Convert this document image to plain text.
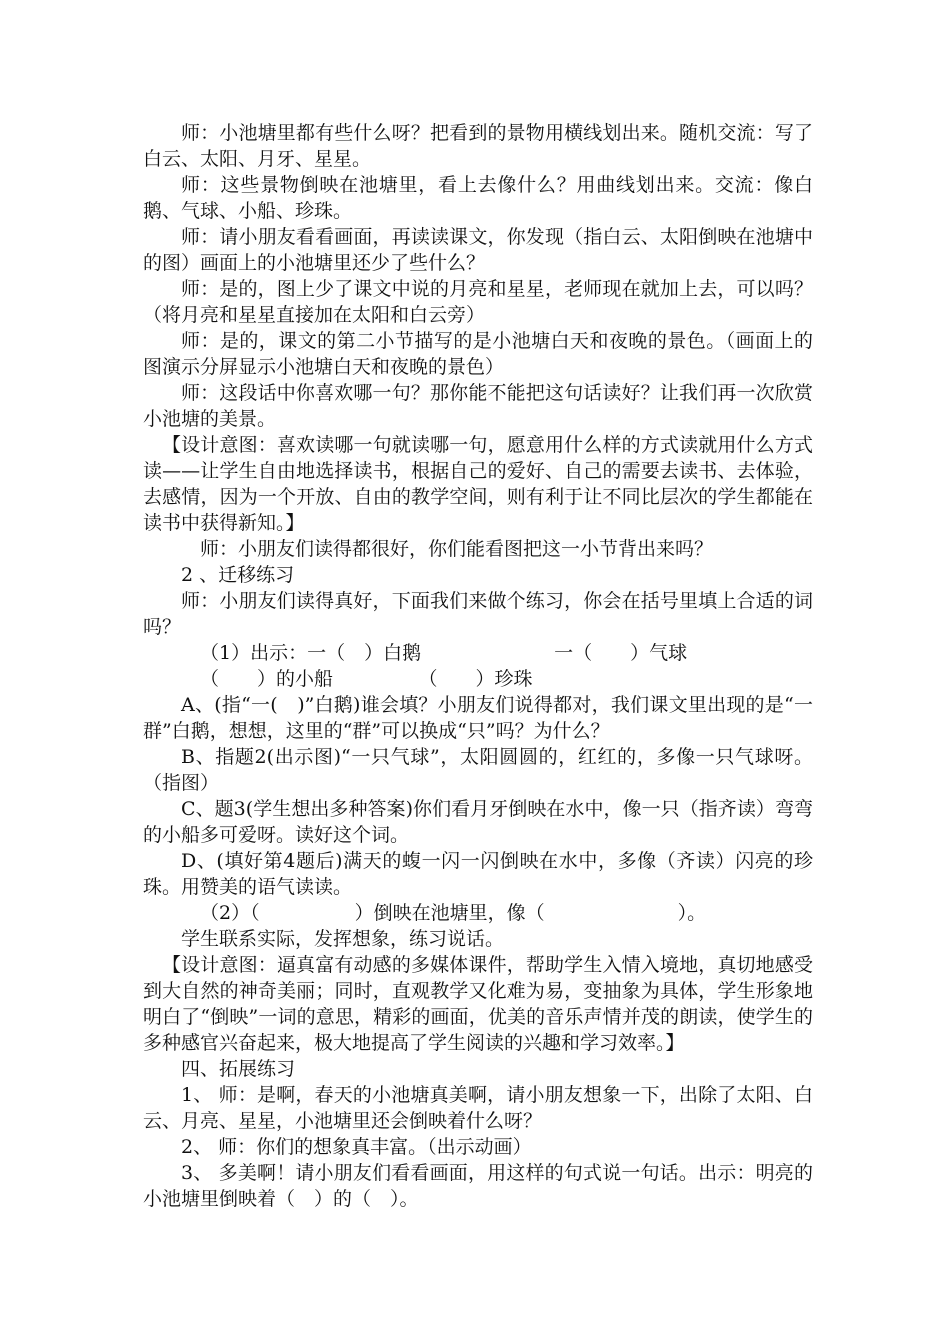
师：小池塘里都有些什么呀？把看到的景物用横线划出来。随机交流：写了白云、太阳、月牙、星星。

师：这些景物倒映在池塘里，看上去像什么？用曲线划出来。交流：像白鹅、气球、小船、珍珠。

师：请小朋友看看画面，再读读课文，你发现（指白云、太阳倒映在池塘中的图）画面上的小池塘里还少了些什么？

师：是的，图上少了课文中说的月亮和星星，老师现在就加上去，可以吗？（将月亮和星星直接加在太阳和白云旁）

师：是的，课文的第二小节描写的是小池塘白天和夜晚的景色。（画面上的图演示分屏显示小池塘白天和夜晚的景色）

师：这段话中你喜欢哪一句？那你能不能把这句话读好？让我们再一次欣赏小池塘的美景。

【设计意图：喜欢读哪一句就读哪一句，愿意用什么样的方式读就用什么方式读——让学生自由地选择读书，根据自己的爱好、自己的需要去读书、去体验，去感情，因为一个开放、自由的教学空间，则有利于让不同比层次的学生都能在读书中获得新知。】

师：小朋友们读得都很好，你们能看图把这一小节背出来吗？

2 、迁移练习

师：小朋友们读得真好，下面我们来做个练习，你会在括号里填上合适的词吗？

（1）出示：一（　）白鹅　　　　　　　一（　　）气球

（　　）的小船　　　　　（　　）珍珠

A、(指“一(　)”白鹅)谁会填？小朋友们说得都对，我们课文里出现的是“一群”白鹅，想想，这里的“群”可以换成“只”吗？为什么？

B、指题2(出示图)“一只气球”，太阳圆圆的，红红的，多像一只气球呀。（指图）

C、题3(学生想出多种答案)你们看月牙倒映在水中，像一只（指齐读）弯弯的小船多可爱呀。读好这个词。

D、(填好第4题后)满天的蝮一闪一闪倒映在水中，多像（齐读）闪亮的珍珠。用赞美的语气读读。

（2）（　　　　　）倒映在池塘里，像（　　　　　　　）。

学生联系实际，发挥想象，练习说话。

【设计意图：逼真富有动感的多媒体课件，帮助学生入情入境地，真切地感受到大自然的神奇美丽；同时，直观教学又化难为易，变抽象为具体，学生形象地明白了“倒映”一词的意思，精彩的画面，优美的音乐声情并茂的朗读，使学生的多种感官兴奋起来，极大地提高了学生阅读的兴趣和学习效率。】

四、拓展练习

1、 师：是啊，春天的小池塘真美啊，请小朋友想象一下，出除了太阳、白云、月亮、星星，小池塘里还会倒映着什么呀？

2、 师：你们的想象真丰富。（出示动画）

3、 多美啊！请小朋友们看看画面，用这样的句式说一句话。出示：明亮的小池塘里倒映着（　）的（　）。
